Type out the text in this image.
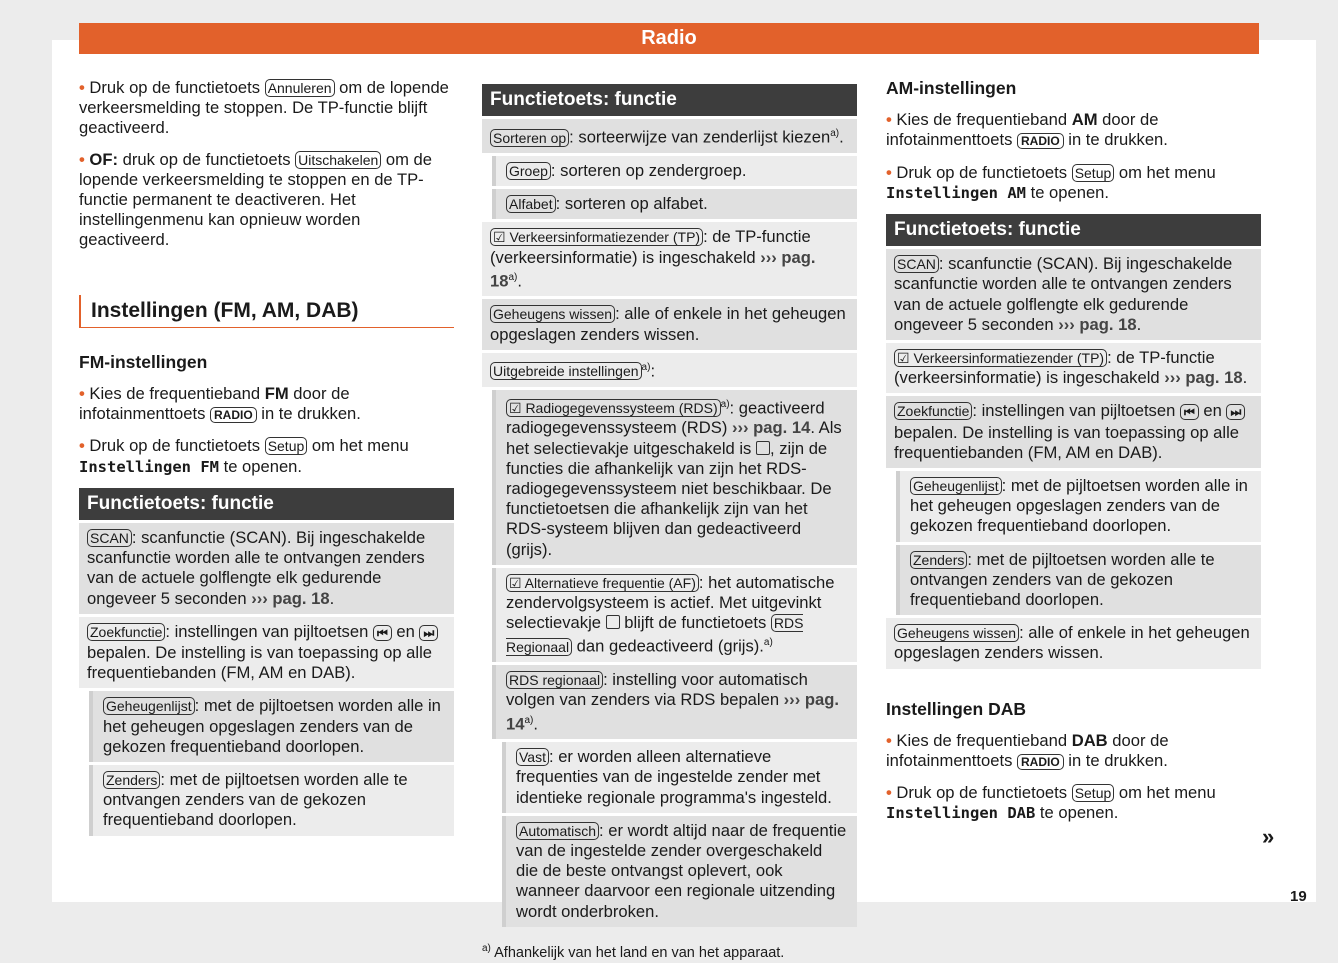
Radio
• Druk op de functietoets Annuleren om de lopende verkeersmelding te stoppen. De TP-functie blijft geactiveerd.
• OF: druk op de functietoets Uitschakelen om de lopende verkeersmelding te stoppen en de TP-functie permanent te deactiveren. Het instellingenmenu kan opnieuw worden geactiveerd.
Instellingen (FM, AM, DAB)
FM-instellingen
• Kies de frequentieband FM door de infotainmenttoets RADIO in te drukken.
• Druk op de functietoets Setup om het menu Instellingen FM te openen.
Functietoets: functie
SCAN : scanfunctie (SCAN). Bij ingeschakelde scanfunctie worden alle te ontvangen zenders van de actuele golflengte elk gedurende ongeveer 5 seconden ››› pag. 18.
Zoekfunctie : instellingen van pijltoetsen ⏮ en ⏭ bepalen. De instelling is van toepassing op alle frequentiebanden (FM, AM en DAB).
Geheugenlijst : met de pijltoetsen worden alle in het geheugen opgeslagen zenders van de gekozen frequentieband doorlopen.
Zenders : met de pijltoetsen worden alle te ontvangen zenders van de gekozen frequentieband doorlopen.
Functietoets: functie
Sorteren op : sorteerwijze van zenderlijst kiezen$^{a)}$.
Groep : sorteren op zendergroep.
Alfabet : sorteren op alfabet.
☑ Verkeersinformatiezender (TP) : de TP-functie (verkeersinformatie) is ingeschakeld ››› pag. 18$^{a)}$.
Geheugens wissen : alle of enkele in het geheugen opgeslagen zenders wissen.
Uitgebreide instellingen $^{a)}$:
☑ Radiogegevenssysteem (RDS) $^{a)}$: geactiveerd radiogegevenssysteem (RDS) ››› pag. 14. Als het selectievakje uitgeschakeld is , zijn de functies die afhankelijk van zijn het RDS-radiogegevenssysteem niet beschikbaar. De functietoetsen die afhankelijk zijn van het RDS-systeem blijven dan gedeactiveerd (grijs).
☑ Alternatieve frequentie (AF) : het automatische zendervolgsysteem is actief. Met uitgevinkt selectievakje  blijft de functietoets RDS Regionaal dan gedeactiveerd (grijs).$^{a)}$
RDS regionaal : instelling voor automatisch volgen van zenders via RDS bepalen ››› pag. 14$^{a)}$.
Vast : er worden alleen alternatieve frequenties van de ingestelde zender met identieke regionale programma's ingesteld.
Automatisch : er wordt altijd naar de frequentie van de ingestelde zender overgeschakeld die de beste ontvangst oplevert, ook wanneer daarvoor een regionale uitzending wordt onderbroken.
$^{a)}$ Afhankelijk van het land en van het apparaat.
AM-instellingen
• Kies de frequentieband AM door de infotainmenttoets RADIO in te drukken.
• Druk op de functietoets Setup om het menu Instellingen AM te openen.
Functietoets: functie
SCAN : scanfunctie (SCAN). Bij ingeschakelde scanfunctie worden alle te ontvangen zenders van de actuele golflengte elk gedurende ongeveer 5 seconden ››› pag. 18.
☑ Verkeersinformatiezender (TP) : de TP-functie (verkeersinformatie) is ingeschakeld ››› pag. 18.
Zoekfunctie : instellingen van pijltoetsen ⏮ en ⏭ bepalen. De instelling is van toepassing op alle frequentiebanden (FM, AM en DAB).
Geheugenlijst : met de pijltoetsen worden alle in het geheugen opgeslagen zenders van de gekozen frequentieband doorlopen.
Zenders : met de pijltoetsen worden alle te ontvangen zenders van de gekozen frequentieband doorlopen.
Geheugens wissen : alle of enkele in het geheugen opgeslagen zenders wissen.
Instellingen DAB
• Kies de frequentieband DAB door de infotainmenttoets RADIO in te drukken.
• Druk op de functietoets Setup om het menu Instellingen DAB te openen.
»
19
